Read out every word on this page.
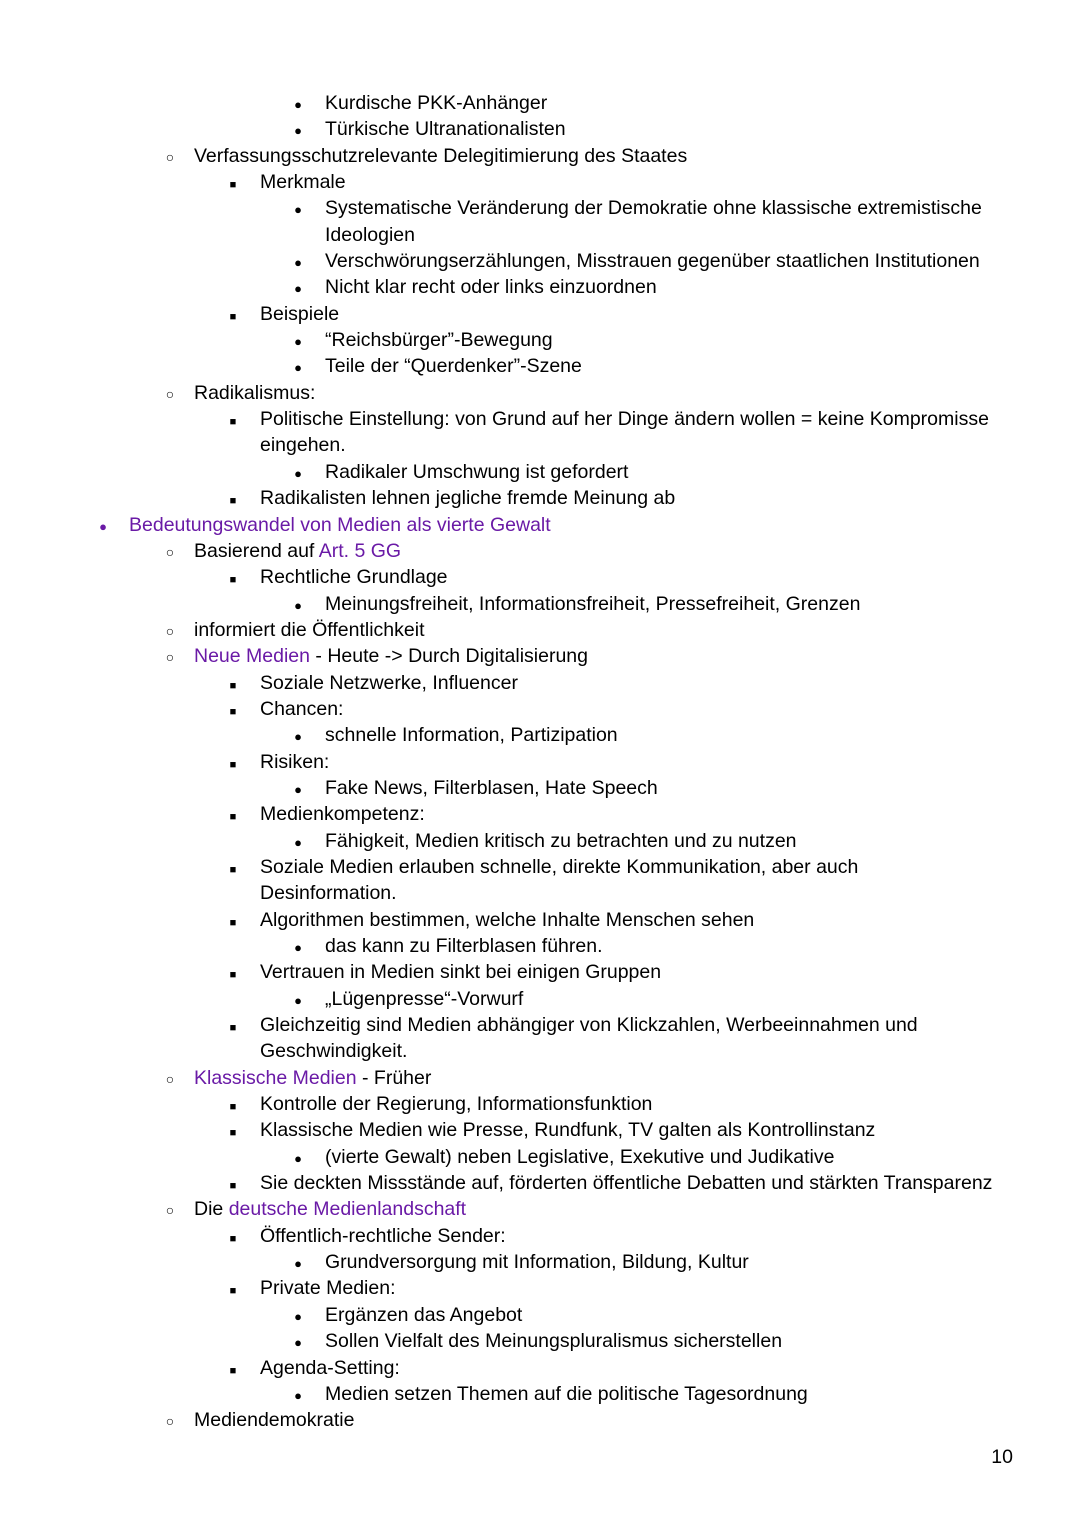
●
Kurdische PKK-Anhänger
●
Türkische Ultranationalisten
○
Verfassungsschutzrelevante Delegitimierung des Staates
■
Merkmale
●
Systematische Veränderung der Demokratie ohne klassische extremistische
Ideologien
●
Verschwörungserzählungen, Misstrauen gegenüber staatlichen Institutionen
●
Nicht klar recht oder links einzuordnen
■
Beispiele
●
“Reichsbürger”-Bewegung
●
Teile der “Querdenker”-Szene
○
Radikalismus:
■
Politische Einstellung: von Grund auf her Dinge ändern wollen = keine Kompromisse
eingehen.
●
Radikaler Umschwung ist gefordert
■
Radikalisten lehnen jegliche fremde Meinung ab
●
Bedeutungswandel von Medien als vierte Gewalt
○
Basierend auf Art. 5 GG
■
Rechtliche Grundlage
●
Meinungsfreiheit, Informationsfreiheit, Pressefreiheit, Grenzen
○
informiert die Öffentlichkeit
○
Neue Medien - Heute -> Durch Digitalisierung
■
Soziale Netzwerke, Influencer
■
Chancen:
●
schnelle Information, Partizipation
■
Risiken:
●
Fake News, Filterblasen, Hate Speech
■
Medienkompetenz:
●
Fähigkeit, Medien kritisch zu betrachten und zu nutzen
■
Soziale Medien erlauben schnelle, direkte Kommunikation, aber auch
Desinformation.
■
Algorithmen bestimmen, welche Inhalte Menschen sehen
●
das kann zu Filterblasen führen.
■
Vertrauen in Medien sinkt bei einigen Gruppen
●
„Lügenpresse“-Vorwurf
■
Gleichzeitig sind Medien abhängiger von Klickzahlen, Werbeeinnahmen und
Geschwindigkeit.
○
Klassische Medien - Früher
■
Kontrolle der Regierung, Informationsfunktion
■
Klassische Medien wie Presse, Rundfunk, TV galten als Kontrollinstanz
●
(vierte Gewalt) neben Legislative, Exekutive und Judikative
■
Sie deckten Missstände auf, förderten öffentliche Debatten und stärkten Transparenz
○
Die deutsche Medienlandschaft
■
Öffentlich-rechtliche Sender:
●
Grundversorgung mit Information, Bildung, Kultur
■
Private Medien:
●
Ergänzen das Angebot
●
Sollen Vielfalt des Meinungspluralismus sicherstellen
■
Agenda-Setting:
●
Medien setzen Themen auf die politische Tagesordnung
○
Mediendemokratie
10
